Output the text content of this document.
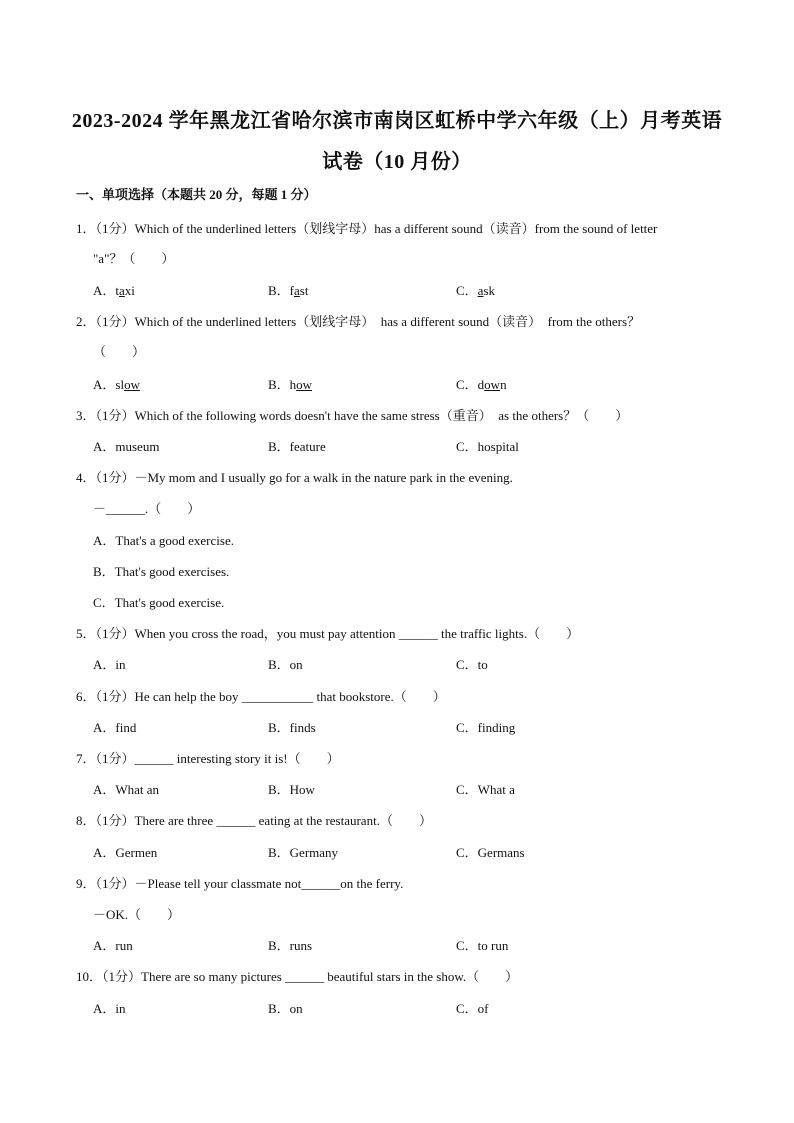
2023-2024 学年黑龙江省哈尔滨市南岗区虹桥中学六年级（上）月考英语
试卷（10 月份）
一、单项选择（本题共 20 分，每题 1 分）
1．（1分）Which of the underlined letters（划线字母）has a different sound（读音）from the sound of letter
"a"？（　　）
A．taxi	B．fast	C．ask
2．（1分）Which of the underlined letters（划线字母）　has a different sound（读音）　from the others？
（　　）
A．slow	B．how	C．down
3．（1分）Which of the following words doesn't have the same stress（重音）　as the others？（　　）
A．museum	B．feature	C．hospital
4．（1分）－My mom and I usually go for a walk in the nature park in the evening.
－______.（　　）
A．That's a good exercise.
B．That's good exercises.
C．That's good exercise.
5．（1分）When you cross the road，you must pay attention ______ the traffic lights.（　　）
A．in	B．on	C．to
6．（1分）He can help the boy ___________ that bookstore.（　　）
A．find	B．finds	C．finding
7．（1分）______ interesting story it is!（　　）
A．What an	B．How	C．What a
8．（1分）There are three ______ eating at the restaurant.（　　）
A．Germen	B．Germany	C．Germans
9．（1分）－Please tell your classmate not______on the ferry.
－OK.（　　）
A．run	B．runs	C．to run
10．（1分）There are so many pictures ______ beautiful stars in the show.（　　）
A．in	B．on	C．of
